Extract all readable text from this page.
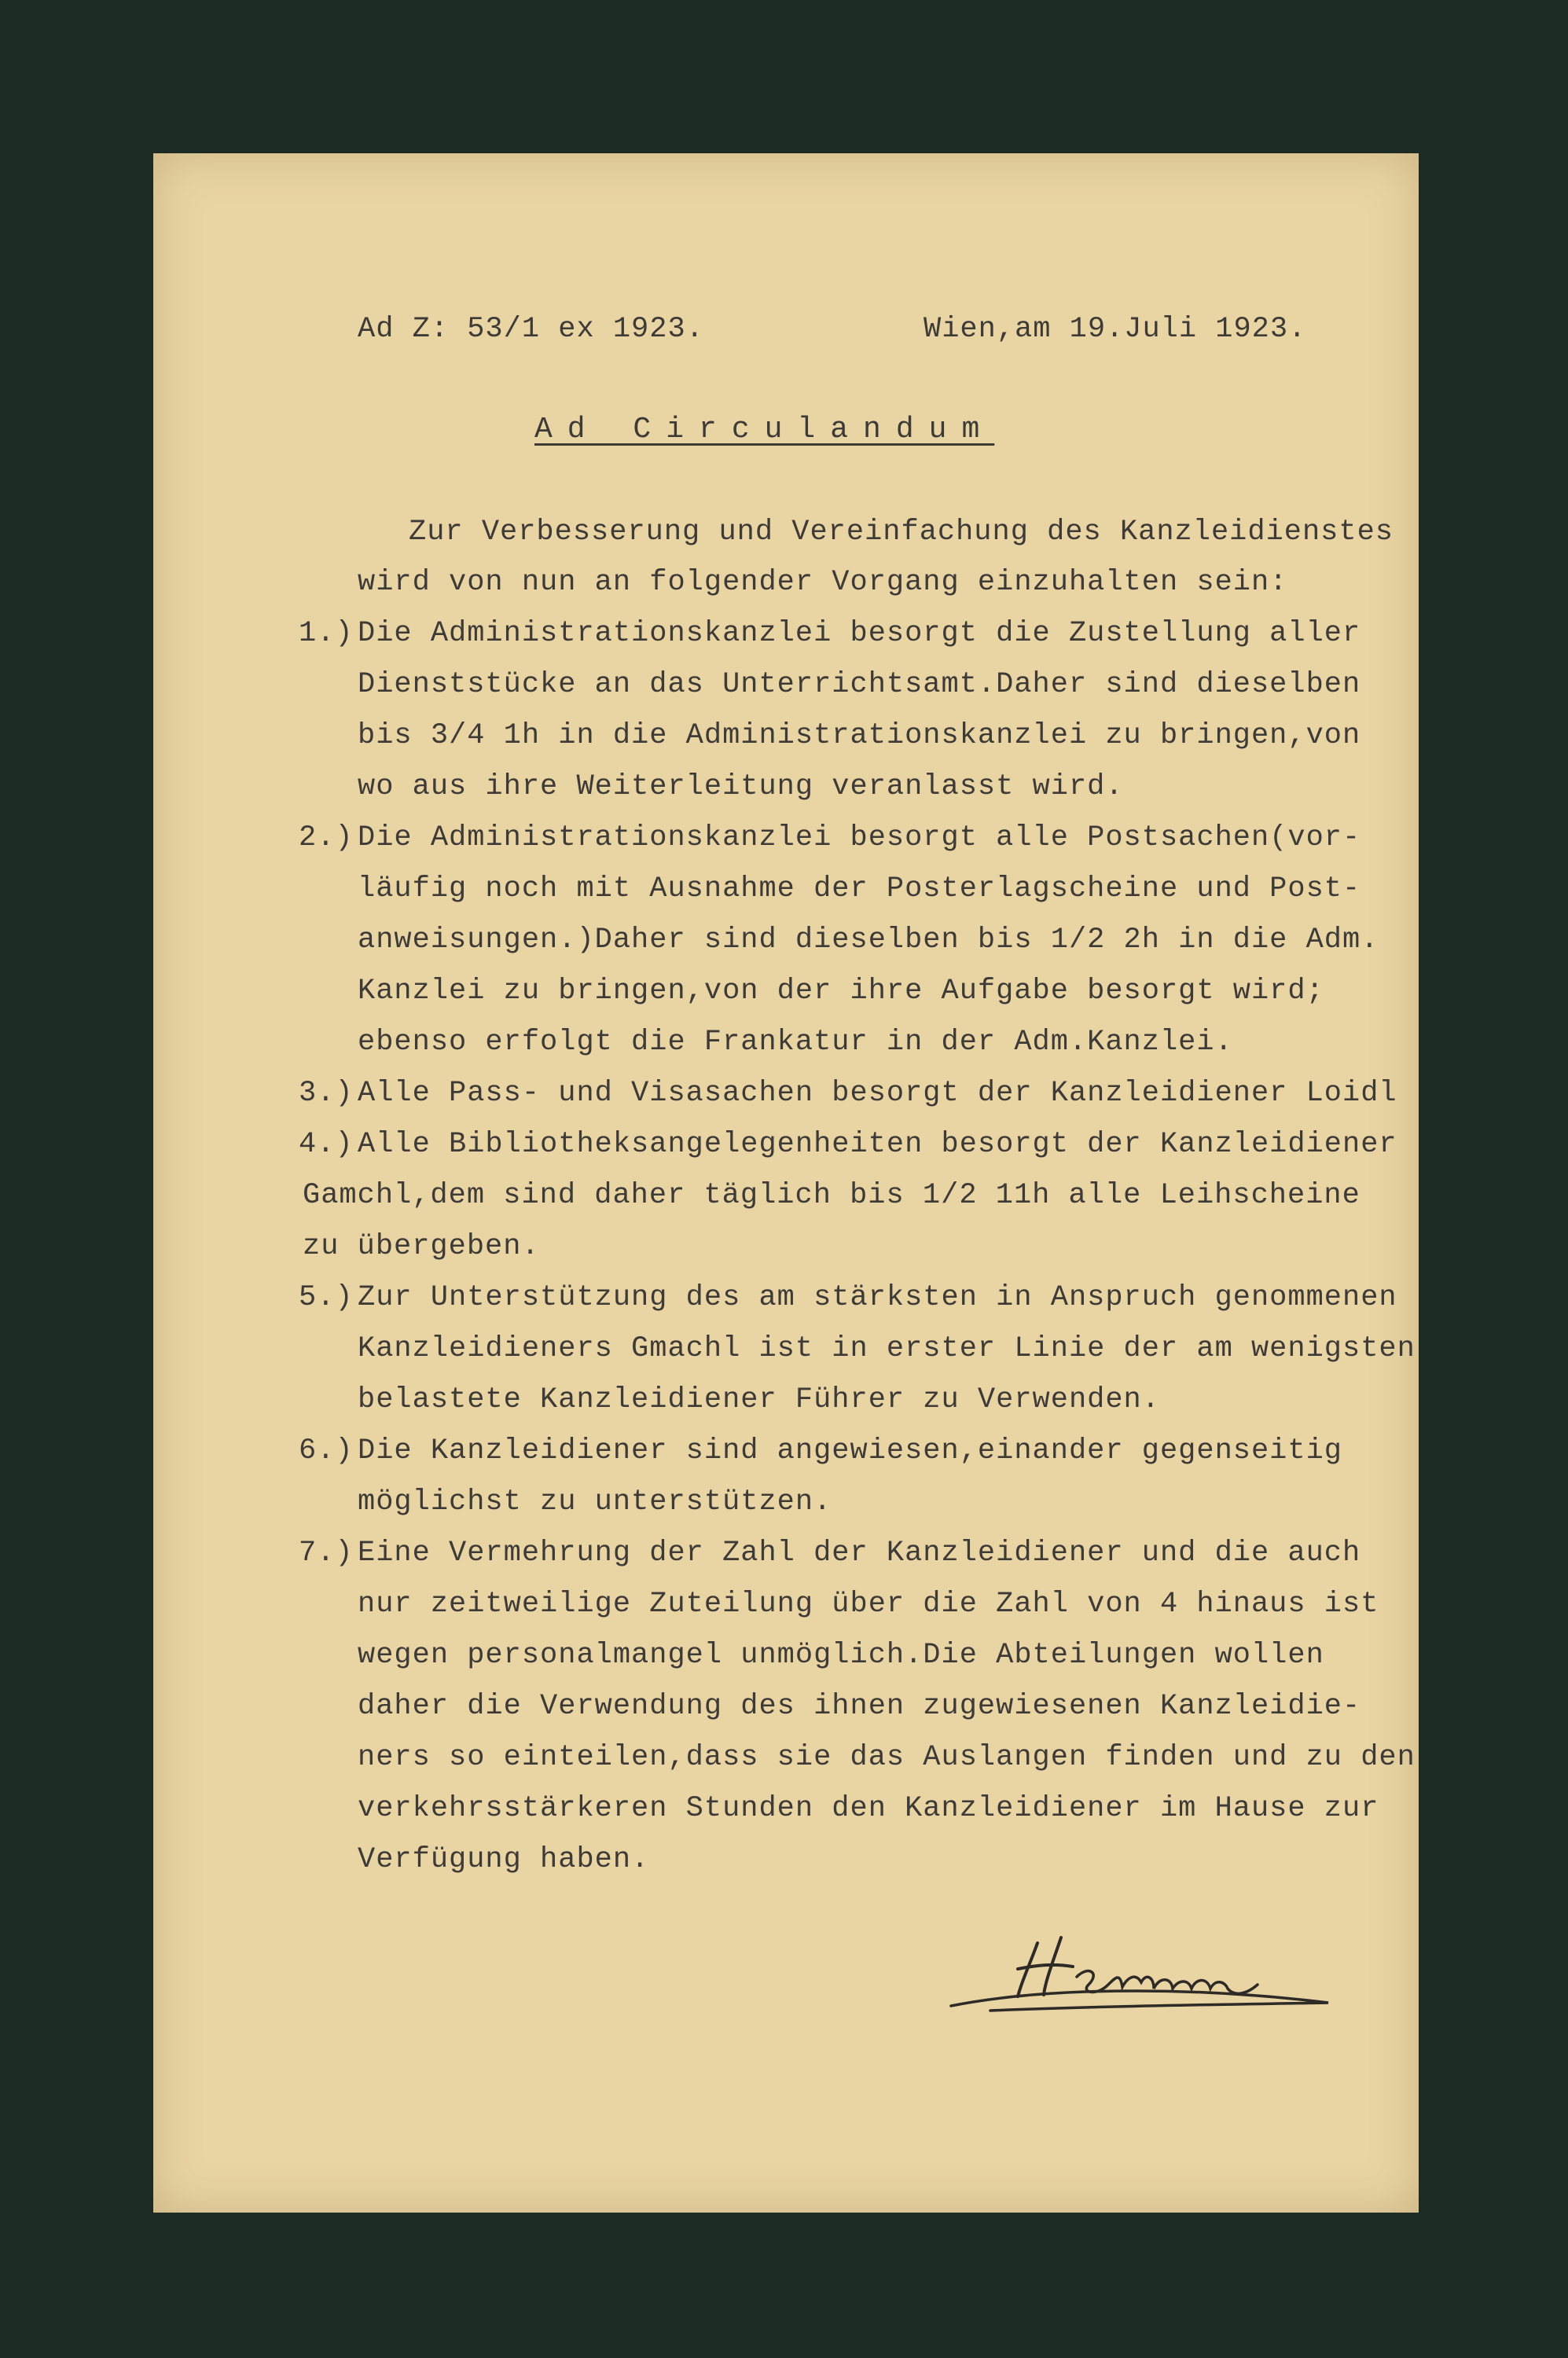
Ad Z: 53/1 ex 1923.	Wien,am 19.Juli 1923.
Ad Circulandum
Zur Verbesserung und Vereinfachung des Kanzleidienstes
wird von nun an folgender Vorgang einzuhalten sein:
1.) Die Administrationskanzlei besorgt die Zustellung aller
Dienststücke an das Unterrichtsamt.Daher sind dieselben
bis 3/4 1h in die Administrationskanzlei zu bringen,von
wo aus ihre Weiterleitung veranlasst wird.
2.) Die Administrationskanzlei besorgt alle Postsachen(vor-
läufig noch mit Ausnahme der Posterlagscheine und Post-
anweisungen.)Daher sind dieselben bis 1/2 2h in die Adm.
Kanzlei zu bringen,von der ihre Aufgabe besorgt wird;
ebenso erfolgt die Frankatur in der Adm.Kanzlei.
3.) Alle Pass- und Visasachen besorgt der Kanzleidiener Loidl
4.) Alle Bibliotheksangelegenheiten besorgt der Kanzleidiener
Gamchl,dem sind daher täglich bis 1/2 11h alle Leihscheine
zu übergeben.
5.) Zur Unterstützung des am stärksten in Anspruch genommenen
Kanzleidieners Gmachl ist in erster Linie der am wenigsten
belastete Kanzleidiener Führer zu Verwenden.
6.) Die Kanzleidiener sind angewiesen,einander gegenseitig
möglichst zu unterstützen.
7.) Eine Vermehrung der Zahl der Kanzleidiener und die auch
nur zeitweilige Zuteilung über die Zahl von 4 hinaus ist
wegen personalmangel unmöglich.Die Abteilungen wollen
daher die Verwendung des ihnen zugewiesenen Kanzleidie-
ners so einteilen,dass sie das Auslangen finden und zu den
verkehrsstärkeren Stunden den Kanzleidiener im Hause zur
Verfügung haben.
